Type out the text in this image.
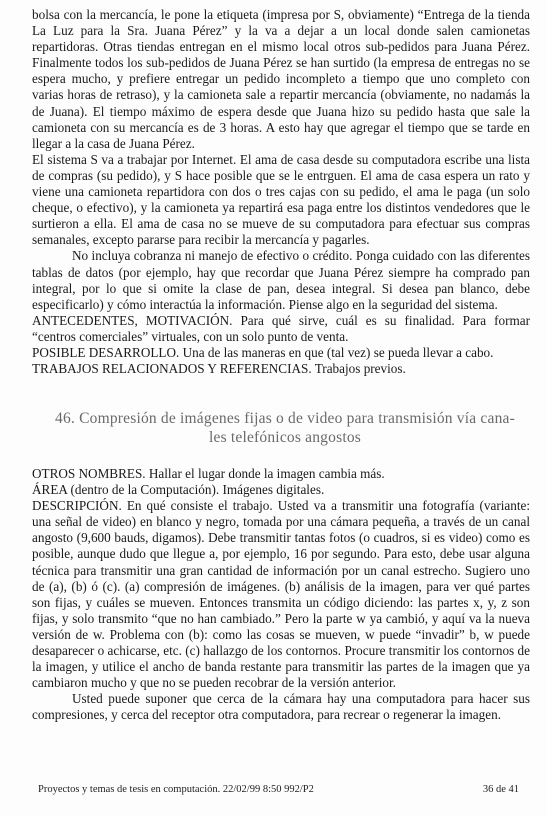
bolsa con la mercancía, le pone la etiqueta (impresa por S, obviamente) “Entrega de la tienda La Luz para la Sra. Juana Pérez” y la va a dejar a un local donde salen camionetas repartidoras. Otras tiendas entregan en el mismo local otros sub-pedidos para Juana Pérez. Finalmente todos los sub-pedidos de Juana Pérez se han surtido (la empresa de entregas no se espera mucho, y prefiere entregar un pedido incompleto a tiempo que uno completo con varias horas de retraso), y la camioneta sale a repartir mercancía (obviamente, no nadamás la de Juana). El tiempo máximo de espera desde que Juana hizo su pedido hasta que sale la camioneta con su mercancía es de 3 horas. A esto hay que agregar el tiempo que se tarde en llegar a la casa de Juana Pérez.

El sistema S va a trabajar por Internet. El ama de casa desde su computadora escribe una lista de compras (su pedido), y S hace posible que se le entrguen. El ama de casa espera un rato y viene una camioneta repartidora con dos o tres cajas con su pedido, el ama le paga (un solo cheque, o efectivo), y la camioneta ya repartirá esa paga entre los distintos vendedores que le surtieron a ella. El ama de casa no se mueve de su computadora para efectuar sus compras semanales, excepto pararse para recibir la mercancía y pagarles.

No incluya cobranza ni manejo de efectivo o crédito. Ponga cuidado con las diferentes tablas de datos (por ejemplo, hay que recordar que Juana Pérez siempre ha comprado pan integral, por lo que si omite la clase de pan, desea integral. Si desea pan blanco, debe especificarlo) y cómo interactúa la información. Piense algo en la seguridad del sistema.

ANTECEDENTES, MOTIVACIÓN. Para qué sirve, cuál es su finalidad. Para formar “centros comerciales” virtuales, con un solo punto de venta.

POSIBLE DESARROLLO. Una de las maneras en que (tal vez) se pueda llevar a cabo.

TRABAJOS RELACIONADOS Y REFERENCIAS. Trabajos previos.

46. Compresión de imágenes fijas o de video para transmisión vía cana-
les telefónicos angostos

OTROS NOMBRES. Hallar el lugar donde la imagen cambia más.

ÁREA (dentro de la Computación). Imágenes digitales.

DESCRIPCIÓN. En qué consiste el trabajo. Usted va a transmitir una fotografía (variante: una señal de video) en blanco y negro, tomada por una cámara pequeña, a través de un canal angosto (9,600 bauds, digamos). Debe transmitir tantas fotos (o cuadros, si es video) como es posible, aunque dudo que llegue a, por ejemplo, 16 por segundo. Para esto, debe usar alguna técnica para transmitir una gran cantidad de información por un canal estrecho. Sugiero uno de (a), (b) ó (c). (a) compresión de imágenes. (b) análisis de la imagen, para ver qué partes son fijas, y cuáles se mueven. Entonces transmita un código diciendo: las partes x, y, z son fijas, y solo transmito “que no han cambiado.” Pero la parte w ya cambió, y aquí va la nueva versión de w. Problema con (b): como las cosas se mueven, w puede “invadir” b, w puede desaparecer o achicarse, etc. (c) hallazgo de los contornos. Procure transmitir los contornos de la imagen, y utilice el ancho de banda restante para transmitir las partes de la imagen que ya cambiaron mucho y que no se pueden recobrar de la versión anterior.

Usted puede suponer que cerca de la cámara hay una computadora para hacer sus compresiones, y cerca del receptor otra computadora, para recrear o regenerar la imagen.

Proyectos y temas de tesis en computación. 22/02/99 8:50 992/P2	36 de 41
